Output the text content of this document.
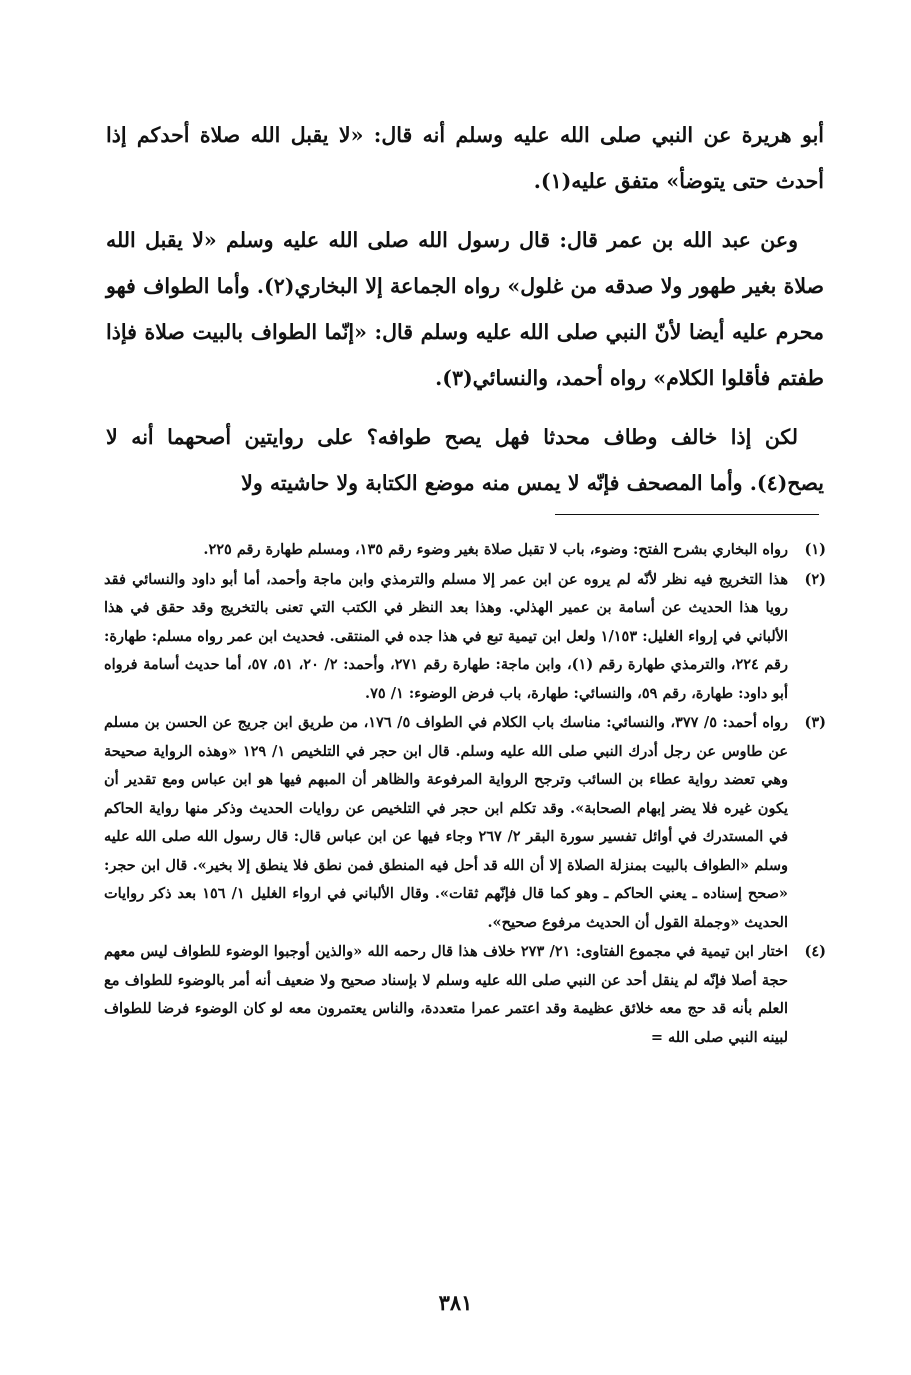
أبو هريرة عن النبي صلى الله عليه وسلم أنه قال: «لا يقبل الله صلاة أحدكم إذا أحدث حتى يتوضأ» متفق عليه(١).

وعن عبد الله بن عمر قال: قال رسول الله صلى الله عليه وسلم «لا يقبل الله صلاة بغير طهور ولا صدقه من غلول» رواه الجماعة إلا البخاري(٢). وأما الطواف فهو محرم عليه أيضا لأنّ النبي صلى الله عليه وسلم قال: «إنّما الطواف بالبيت صلاة فإذا طفتم فأقلوا الكلام» رواه أحمد، والنسائي(٣).

لكن إذا خالف وطاف محدثا فهل يصح طوافه؟ على روايتين أصحهما أنه لا يصح(٤). وأما المصحف فإنّه لا يمس منه موضع الكتابة ولا حاشيته ولا

(١)
رواه البخاري بشرح الفتح: وضوء، باب لا تقبل صلاة بغير وضوء رقم ١٣٥، ومسلم طهارة رقم ٢٢٥.
(٢)
هذا التخريج فيه نظر لأنّه لم يروه عن ابن عمر إلا مسلم والترمذي وابن ماجة وأحمد، أما أبو داود والنسائي فقد رويا هذا الحديث عن أسامة بن عمير الهذلي. وهذا بعد النظر في الكتب التي تعنى بالتخريج وقد حقق في هذا الألباني في إرواء الغليل: ١/١٥٣ ولعل ابن تيمية تبع في هذا جده في المنتقى. فحديث ابن عمر رواه مسلم: طهارة: رقم ٢٢٤، والترمذي طهارة رقم (١)، وابن ماجة: طهارة رقم ٢٧١، وأحمد: ٢/ ٢٠، ٥١، ٥٧، أما حديث أسامة فرواه أبو داود: طهارة، رقم ٥٩، والنسائي: طهارة، باب فرض الوضوء: ١/ ٧٥.
(٣)
رواه أحمد: ٥/ ٣٧٧، والنسائي: مناسك باب الكلام في الطواف ٥/ ١٧٦، من طريق ابن جريج عن الحسن بن مسلم عن طاوس عن رجل أدرك النبي صلى الله عليه وسلم. قال ابن حجر في التلخيص ١/ ١٢٩ «وهذه الرواية صحيحة وهي تعضد رواية عطاء بن السائب وترجح الرواية المرفوعة والظاهر أن المبهم فيها هو ابن عباس ومع تقدير أن يكون غيره فلا يضر إبهام الصحابة». وقد تكلم ابن حجر في التلخيص عن روايات الحديث وذكر منها رواية الحاكم في المستدرك في أوائل تفسير سورة البقر ٢/ ٢٦٧ وجاء فيها عن ابن عباس قال: قال رسول الله صلى الله عليه وسلم «الطواف بالبيت بمنزلة الصلاة إلا أن الله قد أحل فيه المنطق فمن نطق فلا ينطق إلا بخير». قال ابن حجر: «صحح إسناده ـ يعني الحاكم ـ وهو كما قال فإنّهم ثقات». وقال الألباني في ارواء الغليل ١/ ١٥٦ بعد ذكر روايات الحديث «وجملة القول أن الحديث مرفوع صحيح».
(٤)
اختار ابن تيمية في مجموع الفتاوى: ٢١/ ٢٧٣ خلاف هذا قال رحمه الله «والذين أوجبوا الوضوء للطواف ليس معهم حجة أصلا فإنّه لم ينقل أحد عن النبي صلى الله عليه وسلم لا بإسناد صحيح ولا ضعيف أنه أمر بالوضوء للطواف مع العلم بأنه قد حج معه خلائق عظيمة وقد اعتمر عمرا متعددة، والناس يعتمرون معه لو كان الوضوء فرضا للطواف لبينه النبي صلى الله =
٣٨١
